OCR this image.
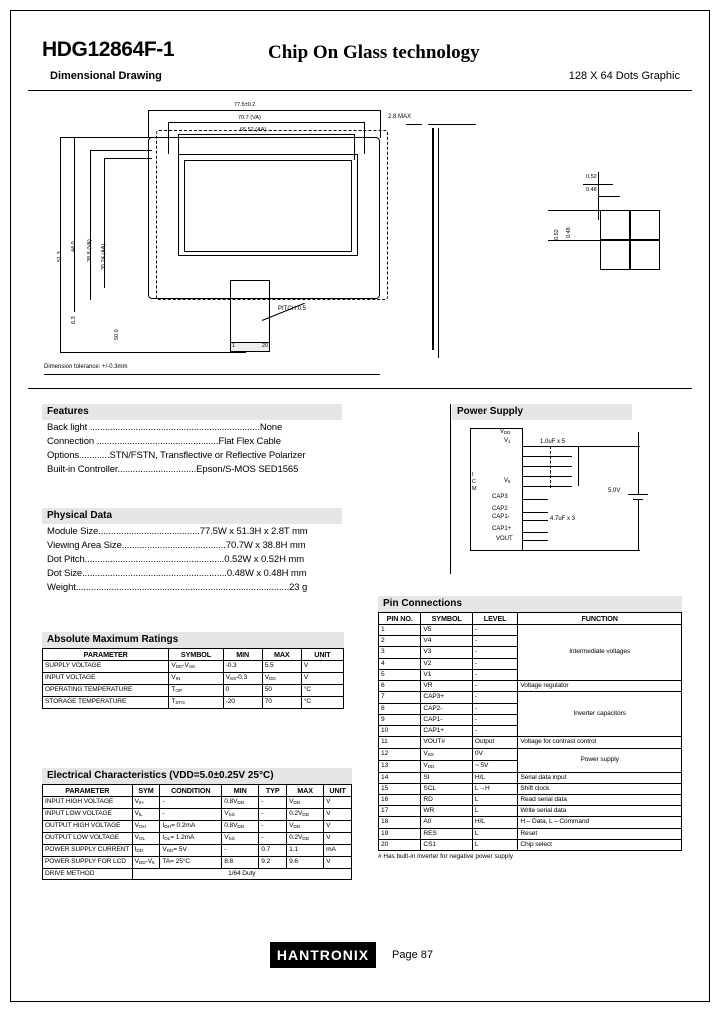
HDG12864F-1	Chip On Glass technology
Dimensional Drawing	128 X 64 Dots Graphic
77.5±0.2
70.7 (VA)
66.52 (AA)
51.3
44.0 38.8 (VA) 35.24 (AA)
6.3
50.0
PITCH 0.5
1	20
Dimension tolerance: +/-0.3mm
2.8 MAX
0.52
0.48
0.52 0.48
Features
Back light ...................................................................None
Connection ................................................Flat Flex Cable
Options............STN/FSTN, Transflective or Reflective Polarizer
Built-in Controller...............................Epson/S-MOS SED1565
Physical Data
Module Size........................................77.5W x 51.3H x 2.8T mm
Viewing Area Size.........................................70.7W x 38.8H mm
Dot Pitch.......................................................0.52W x 0.52H mm
Dot Size.........................................................0.48W x 0.48H mm
Weight....................................................................................23 g
Absolute Maximum Ratings
PARAMETER	SYMBOL	MIN	MAX	UNIT
SUPPLY VOLTAGE	$V_{DD}-V_{SS}$	-0.3	5.5	V
INPUT VOLTAGE	$V_{IN}$	$V_{SS}-0.3$	$V_{DD}$	V
OPERATING TEMPERATURE	$T_{OP}$	0	50	°C
STORAGE TEMPERATURE	$T_{STG}$	-20	70	°C
Electrical Characteristics (VDD=5.0±0.25V 25°C)
PARAMETER	SYM	CONDITION	MIN	TYP	MAX	UNIT
INPUT HIGH VOLTAGE	$V_{IH}$	-	$0.8V_{DD}$	-	$V_{DD}$	V
INPUT LOW VOLTAGE	$V_{IL}$	-	$V_{SS}$	-	$0.2V_{DD}$	V
OUTPUT HIGH VOLTAGE	$V_{OH}$	$I_{OH}= 0.2mA$	$0.8V_{DD}$	-	$V_{DD}$	V
OUTPUT LOW VOLTAGE	$V_{OL}$	$I_{OL}= 1.2mA$	$V_{SS}$	-	$0.2V_{DD}$	V
POWER SUPPLY CURRENT	$I_{DD}$	$V_{DD}= 5V$	-	0.7	1.1	mA
POWER SUPPLY FOR LCD	$V_{DD}-V_5$	TA= 25°C	8.8	9.2	9.6	V
DRIVE METHOD	1/64 Duty					
Power Supply
I
C
M
$V_{DD}$
$V_1$
$V_5$
1.0uF x 5
CAP3
CAP2
CAP1-
CAP1+
VOUT
4.7uF x 3
5.0V
Pin Connections
PIN NO.	SYMBOL	LEVEL	FUNCTION
1	V5	-	Intermediate voltages
2	V4	-	
3	V3	-	
4	V2	-	
5	V1	-	
6	VR	-	Voltage regulator
7	CAP3+	-	Inverter capacitors
8	CAP2-	-	
9	CAP1-	-	
10	CAP1+	-	
11	VOUT#	Output	Voltage for contrast control
12	$V_{SS}$	0V	Power supply
13	$V_{DD}$	~ 5V	
14	SI	H/L	Serial data input
15	SCL	L→H	Shift clock
16	RD	L	Read serial data
17	WR	L	Write serial data
18	A0	H/L	H – Data, L – Command
19	RES	L	Reset
20	CS1	L	Chip select
# Has built-in inverter for negative power supply
HANTRONIX	Page 87
